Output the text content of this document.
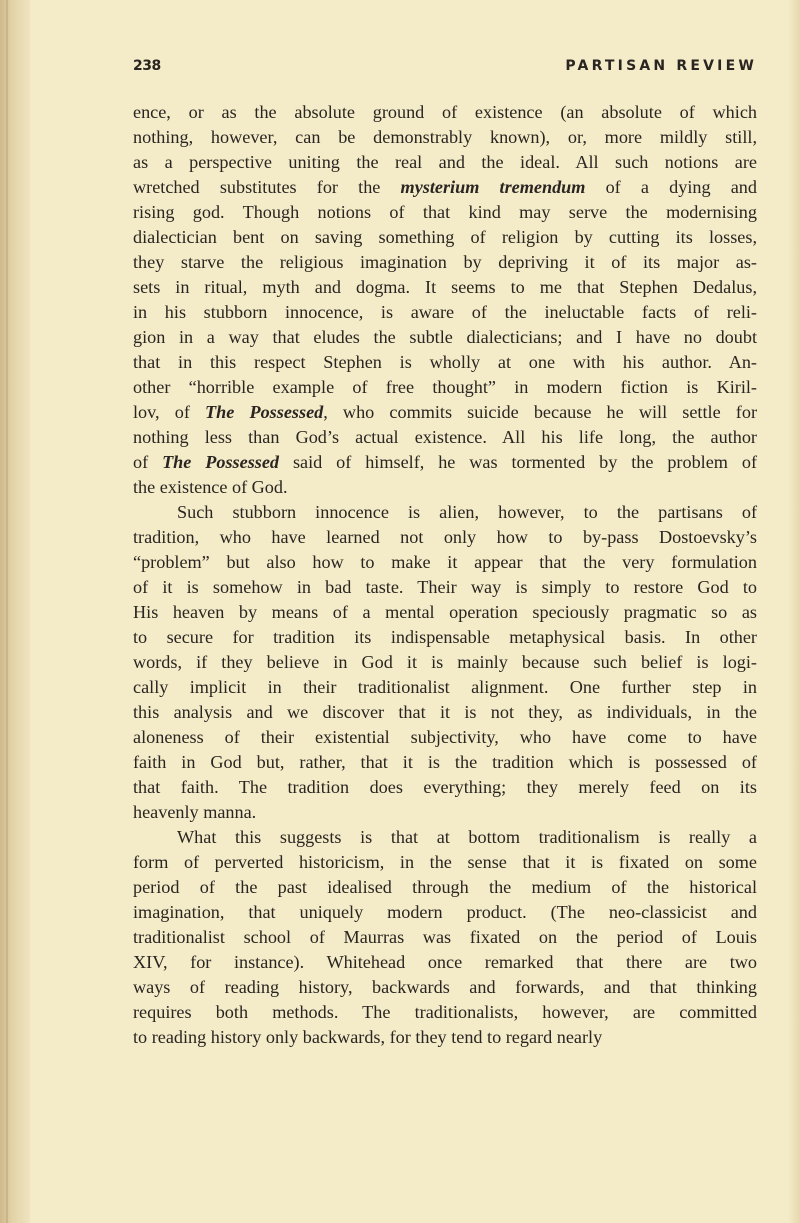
238	PARTISAN REVIEW
ence, or as the absolute ground of existence (an absolute of which
nothing, however, can be demonstrably known), or, more mildly still,
as a perspective uniting the real and the ideal. All such notions are
wretched substitutes for the mysterium tremendum of a dying and
rising god. Though notions of that kind may serve the modernising
dialectician bent on saving something of religion by cutting its losses,
they starve the religious imagination by depriving it of its major as-
sets in ritual, myth and dogma. It seems to me that Stephen Dedalus,
in his stubborn innocence, is aware of the ineluctable facts of reli-
gion in a way that eludes the subtle dialecticians; and I have no doubt
that in this respect Stephen is wholly at one with his author. An-
other “horrible example of free thought” in modern fiction is Kiril-
lov, of The Possessed, who commits suicide because he will settle for
nothing less than God’s actual existence. All his life long, the author
of The Possessed said of himself, he was tormented by the problem of
the existence of God.
Such stubborn innocence is alien, however, to the partisans of
tradition, who have learned not only how to by-pass Dostoevsky’s
“problem” but also how to make it appear that the very formulation
of it is somehow in bad taste. Their way is simply to restore God to
His heaven by means of a mental operation speciously pragmatic so as
to secure for tradition its indispensable metaphysical basis. In other
words, if they believe in God it is mainly because such belief is logi-
cally implicit in their traditionalist alignment. One further step in
this analysis and we discover that it is not they, as individuals, in the
aloneness of their existential subjectivity, who have come to have
faith in God but, rather, that it is the tradition which is possessed of
that faith. The tradition does everything; they merely feed on its
heavenly manna.
What this suggests is that at bottom traditionalism is really a
form of perverted historicism, in the sense that it is fixated on some
period of the past idealised through the medium of the historical
imagination, that uniquely modern product. (The neo-classicist and
traditionalist school of Maurras was fixated on the period of Louis
XIV, for instance). Whitehead once remarked that there are two
ways of reading history, backwards and forwards, and that thinking
requires both methods. The traditionalists, however, are committed
to reading history only backwards, for they tend to regard nearly
